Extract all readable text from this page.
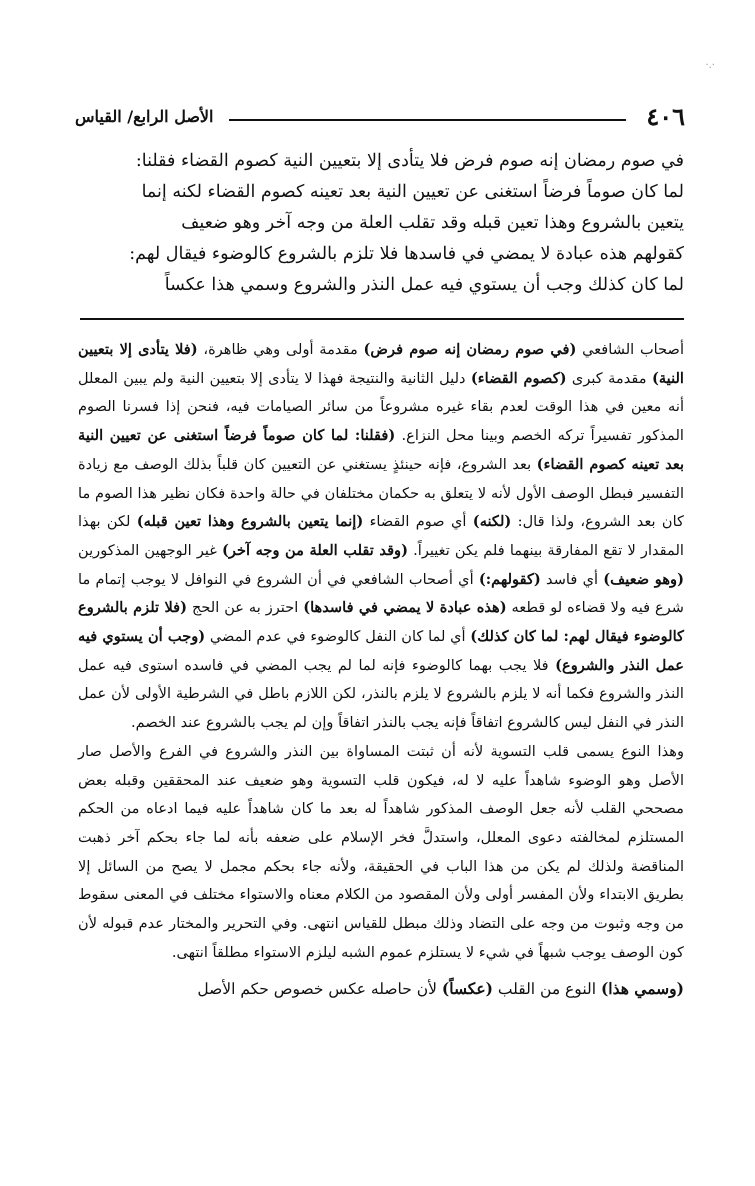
·.·
٤٠٦
الأصل الرابع/ القياس

في صوم رمضان إنه صوم فرض فلا يتأدى إلا بتعيين النية كصوم القضاء فقلنا:

لما كان صوماً فرضاً استغنى عن تعيين النية بعد تعينه كصوم القضاء لكنه إنما

يتعين بالشروع وهذا تعين قبله وقد تقلب العلة من وجه آخر وهو ضعيف

كقولهم هذه عبادة لا يمضي في فاسدها فلا تلزم بالشروع كالوضوء فيقال لهم:

لما كان كذلك وجب أن يستوي فيه عمل النذر والشروع وسمي هذا عكساً

أصحاب الشافعي (في صوم رمضان إنه صوم فرض) مقدمة أولى وهي ظاهرة، (فلا يتأدى إلا بتعيين النية) مقدمة كبرى (كصوم القضاء) دليل الثانية والنتيجة فهذا لا يتأدى إلا بتعيين النية ولم يبين المعلل أنه معين في هذا الوقت لعدم بقاء غيره مشروعاً من سائر الصيامات فيه، فنحن إذا فسرنا الصوم المذكور تفسيراً تركه الخصم وبينا محل النزاع. (فقلنا: لما كان صوماً فرضاً استغنى عن تعيين النية بعد تعينه كصوم القضاء) بعد الشروع، فإنه حينئذٍ يستغني عن التعيين كان قلباً بذلك الوصف مع زيادة التفسير فبطل الوصف الأول لأنه لا يتعلق به حكمان مختلفان في حالة واحدة فكان نظير هذا الصوم ما كان بعد الشروع، ولذا قال: (لكنه) أي صوم القضاء (إنما يتعين بالشروع وهذا تعين قبله) لكن بهذا المقدار لا تقع المفارقة بينهما فلم يكن تغييراً. (وقد تقلب العلة من وجه آخر) غير الوجهين المذكورين (وهو ضعيف) أي فاسد (كقولهم:) أي أصحاب الشافعي في أن الشروع في النوافل لا يوجب إتمام ما شرع فيه ولا قضاءه لو قطعه (هذه عبادة لا يمضي في فاسدها) احترز به عن الحج (فلا تلزم بالشروع كالوضوء فيقال لهم: لما كان كذلك) أي لما كان النفل كالوضوء في عدم المضي (وجب أن يستوي فيه عمل النذر والشروع) فلا يجب بهما كالوضوء فإنه لما لم يجب المضي في فاسده استوى فيه عمل النذر والشروع فكما أنه لا يلزم بالشروع لا يلزم بالنذر، لكن اللازم باطل في الشرطية الأولى لأن عمل النذر في النفل ليس كالشروع اتفاقاً فإنه يجب بالنذر اتفاقاً وإن لم يجب بالشروع عند الخصم.

وهذا النوع يسمى قلب التسوية لأنه أن ثبتت المساواة بين النذر والشروع في الفرع والأصل صار الأصل وهو الوضوء شاهداً عليه لا له، فيكون قلب التسوية وهو ضعيف عند المحققين وقبله بعض مصححي القلب لأنه جعل الوصف المذكور شاهداً له بعد ما كان شاهداً عليه فيما ادعاه من الحكم المستلزم لمخالفته دعوى المعلل، واستدلَّ فخر الإسلام على ضعفه بأنه لما جاء بحكم آخر ذهبت المناقضة ولذلك لم يكن من هذا الباب في الحقيقة، ولأنه جاء بحكم مجمل لا يصح من السائل إلا بطريق الابتداء ولأن المفسر أولى ولأن المقصود من الكلام معناه والاستواء مختلف في المعنى سقوط من وجه وثبوت من وجه على التضاد وذلك مبطل للقياس انتهى. وفي التحرير والمختار عدم قبوله لأن كون الوصف يوجب شبهاً في شيء لا يستلزم عموم الشبه ليلزم الاستواء مطلقاً انتهى.

(وسمي هذا) النوع من القلب (عكساً) لأن حاصله عكس خصوص حكم الأصل
